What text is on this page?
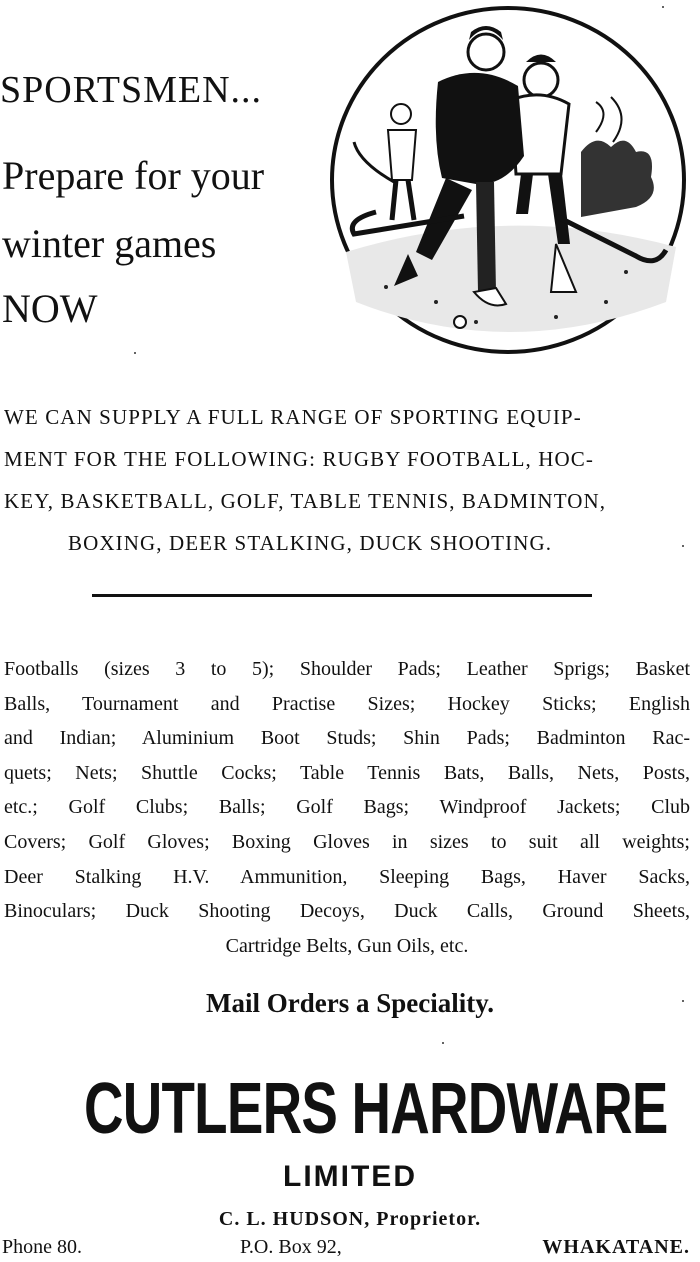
SPORTSMEN...
Prepare for your
winter games
NOW

WE CAN SUPPLY A FULL RANGE OF SPORTING EQUIP-

MENT FOR THE FOLLOWING: RUGBY FOOTBALL, HOC-

KEY, BASKETBALL, GOLF, TABLE TENNIS, BADMINTON,

BOXING, DEER STALKING, DUCK SHOOTING.

Footballs (sizes 3 to 5); Shoulder Pads; Leather Sprigs; Basket

Balls, Tournament and Practise Sizes; Hockey Sticks; English

and Indian; Aluminium Boot Studs; Shin Pads; Badminton Rac-

quets; Nets; Shuttle Cocks; Table Tennis Bats, Balls, Nets, Posts,

etc.; Golf Clubs; Balls; Golf Bags; Windproof Jackets; Club

Covers; Golf Gloves; Boxing Gloves in sizes to suit all weights;

Deer Stalking H.V. Ammunition, Sleeping Bags, Haver Sacks,

Binoculars; Duck Shooting Decoys, Duck Calls, Ground Sheets,

Cartridge Belts, Gun Oils, etc.

Mail Orders a Speciality.
CUTLERS HARDWARE
LIMITED
C. L. HUDSON, Proprietor.
Phone 80.	P.O. Box 92,	WHAKATANE.
